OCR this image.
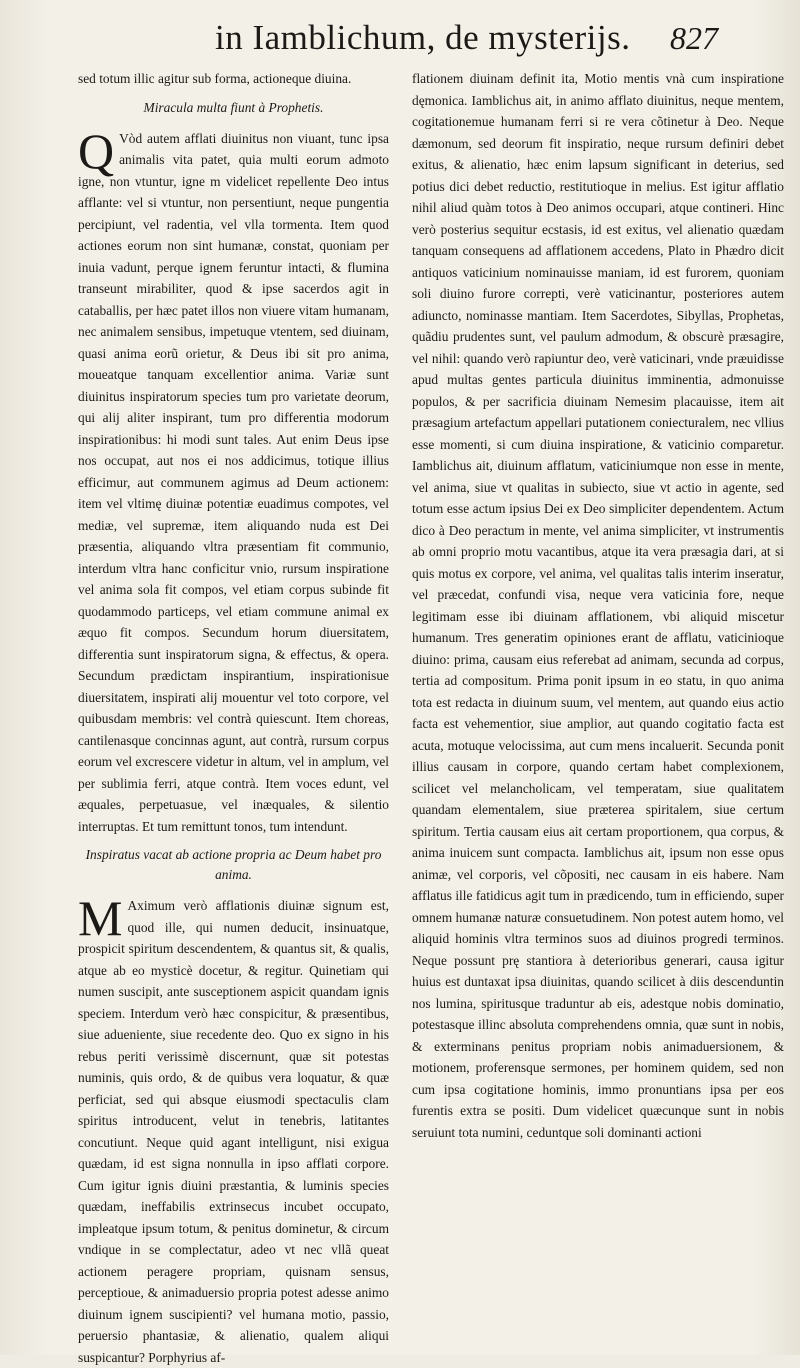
in Iamblichum, de mysterijs. 827

sed totum illic agitur sub forma, actioneque diuina.

Miracula multa fiunt à Prophetis.

Q Vòd autem afflati diuinitus non viuant, tunc ipsa animalis vita patet, quia multi eorum admoto igne, non vtuntur, igne m videlicet repellente Deo intus afflante: vel si vtuntur, non persentiunt, neque pungentia percipiunt, vel radentia, vel vlla tormenta. Item quod actiones eorum non sint humanæ, constat, quoniam per inuia vadunt, perque ignem feruntur intacti, & flumina transeunt mirabiliter, quod & ipse sacerdos agit in cataballis, per hæc patet illos non viuere vitam humanam, nec animalem sensibus, impetuque vtentem, sed diuinam, quasi anima eorũ orietur, & Deus ibi sit pro anima, moueatque tanquam excellentior anima. Variæ sunt diuinitus inspiratorum species tum pro varietate deorum, qui alij aliter inspirant, tum pro differentia modorum inspirationibus: hi modi sunt tales. Aut enim Deus ipse nos occupat, aut nos ei nos addicimus, totique illius efficimur, aut communem agimus ad Deum actionem: item vel vltimę diuinæ potentiæ euadimus compotes, vel mediæ, vel supremæ, item aliquando nuda est Dei præsentia, aliquando vltra præsentiam fit communio, interdum vltra hanc conficitur vnio, rursum inspiratione vel anima sola fit compos, vel etiam corpus subinde fit quodammodo particeps, vel etiam commune animal ex æquo fit compos. Secundum horum diuersitatem, differentia sunt inspiratorum signa, & effectus, & opera. Secundum prædictam inspirantium, inspirationisue diuersitatem, inspirati alij mouentur vel toto corpore, vel quibusdam membris: vel contrà quiescunt. Item choreas, cantilenasque concinnas agunt, aut contrà, rursum corpus eorum vel excrescere videtur in altum, vel in amplum, vel per sublimia ferri, atque contrà. Item voces edunt, vel æquales, perpetuasue, vel inæquales, & silentio interruptas. Et tum remittunt tonos, tum intendunt.

Inspiratus vacat ab actione propria ac Deum habet pro anima.

M Aximum verò afflationis diuinæ signum est, quod ille, qui numen deducit, insinuatque, prospicit spiritum descendentem, & quantus sit, & qualis, atque ab eo mysticè docetur, & regitur. Quinetiam qui numen suscipit, ante susceptionem aspicit quandam ignis speciem. Interdum verò hæc conspicitur, & præsentibus, siue adueniente, siue recedente deo. Quo ex signo in his rebus periti verissimè discernunt, quæ sit potestas numinis, quis ordo, & de quibus vera loquatur, & quæ perficiat, sed qui absque eiusmodi spectaculis clam spiritus introducent, velut in tenebris, latitantes concutiunt. Neque quid agant intelligunt, nisi exigua quædam, id est signa nonnulla in ipso afflati corpore. Cum igitur ignis diuini præstantia, & luminis species quædam, ineffabilis extrinsecus incubet occupato, impleatque ipsum totum, & penitus dominetur, & circum vndique in se complectatur, adeo vt nec vllã queat actionem peragere propriam, quisnam sensus, perceptioue, & animaduersio propria potest adesse animo diuinum ignem suscipienti? vel humana motio, passio, peruersio phantasiæ, & alienatio, qualem aliqui suspicantur? Porphyrius af-

flationem diuinam definit ita, Motio mentis vnà cum inspiratione dęmonica. Iamblichus ait, in animo afflato diuinitus, neque mentem, cogitationemue humanam ferri si re vera cõtinetur à Deo. Neque dæmonum, sed deorum fit inspiratio, neque rursum definiri debet exitus, & alienatio, hæc enim lapsum significant in deterius, sed potius dici debet reductio, restitutioque in melius. Est igitur afflatio nihil aliud quàm totos à Deo animos occupari, atque contineri. Hinc verò posterius sequitur ecstasis, id est exitus, vel alienatio quædam tanquam consequens ad afflationem accedens, Plato in Phædro dicit antiquos vaticinium nominauisse maniam, id est furorem, quoniam soli diuino furore correpti, verè vaticinantur, posteriores autem adiuncto, nominasse mantiam. Item Sacerdotes, Sibyllas, Prophetas, quãdiu prudentes sunt, vel paulum admodum, & obscurè præsagire, vel nihil: quando verò rapiuntur deo, verè vaticinari, vnde præuidisse apud multas gentes particula diuinitus imminentia, admonuisse populos, & per sacrificia diuinam Nemesim placauisse, item ait præsagium artefactum appellari putationem coniecturalem, nec vllius esse momenti, si cum diuina inspiratione, & vaticinio comparetur. Iamblichus ait, diuinum afflatum, vaticiniumque non esse in mente, vel anima, siue vt qualitas in subiecto, siue vt actio in agente, sed totum esse actum ipsius Dei ex Deo simpliciter dependentem. Actum dico à Deo peractum in mente, vel anima simpliciter, vt instrumentis ab omni proprio motu vacantibus, atque ita vera præsagia dari, at si quis motus ex corpore, vel anima, vel qualitas talis interim inseratur, vel præcedat, confundi visa, neque vera vaticinia fore, neque legitimam esse ibi diuinam afflationem, vbi aliquid miscetur humanum. Tres generatim opiniones erant de afflatu, vaticinioque diuino: prima, causam eius referebat ad animam, secunda ad corpus, tertia ad compositum. Prima ponit ipsum in eo statu, in quo anima tota est redacta in diuinum suum, vel mentem, aut quando eius actio facta est vehementior, siue amplior, aut quando cogitatio facta est acuta, motuque velocissima, aut cum mens incaluerit. Secunda ponit illius causam in corpore, quando certam habet complexionem, scilicet vel melancholicam, vel temperatam, siue qualitatem quandam elementalem, siue præterea spiritalem, siue certum spiritum. Tertia causam eius ait certam proportionem, qua corpus, & anima inuicem sunt compacta. Iamblichus ait, ipsum non esse opus animæ, vel corporis, vel cõpositi, nec causam in eis habere. Nam afflatus ille fatidicus agit tum in prædicendo, tum in efficiendo, super omnem humanæ naturæ consuetudinem. Non potest autem homo, vel aliquid hominis vltra terminos suos ad diuinos progredi terminos. Neque possunt prę stantiora à deterioribus generari, causa igitur huius est duntaxat ipsa diuinitas, quando scilicet à diis descenduntin nos lumina, spiritusque traduntur ab eis, adestque nobis dominatio, potestasque illinc absoluta comprehendens omnia, quæ sunt in nobis, & exterminans penitus propriam nobis animaduersionem, & motionem, proferensque sermones, per hominem quidem, sed non cum ipsa cogitatione hominis, immo pronuntians ipsa per eos furentis extra se positi. Dum videlicet quæcunque sunt in nobis seruiunt tota numini, ceduntque soli dominanti actioni
